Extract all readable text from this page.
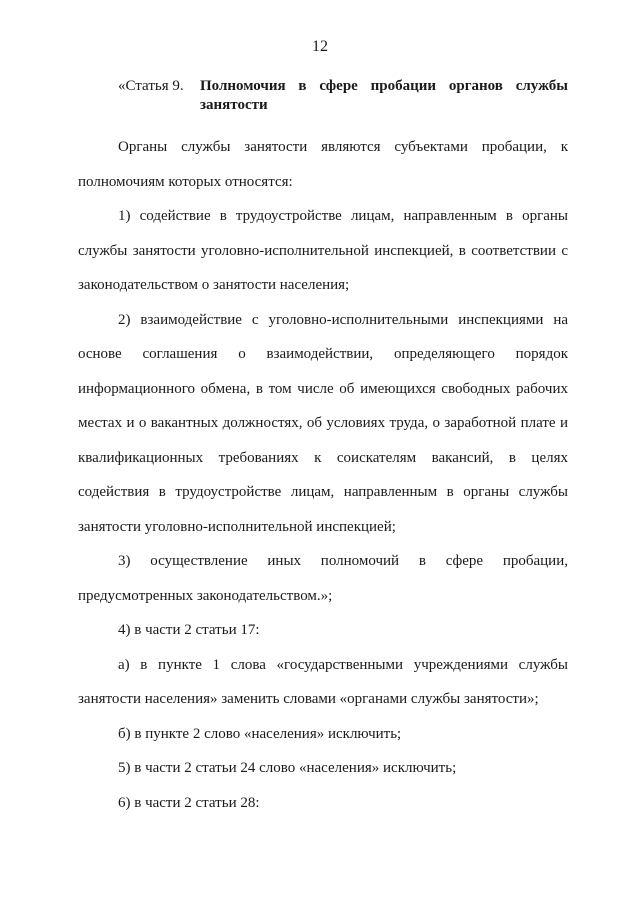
12
«Статья 9. Полномочия в сфере пробации органов службы занятости

Органы службы занятости являются субъектами пробации, к полномочиям которых относятся:

1) содействие в трудоустройстве лицам, направленным в органы службы занятости уголовно-исполнительной инспекцией, в соответствии с законодательством о занятости населения;

2) взаимодействие с уголовно-исполнительными инспекциями на основе соглашения о взаимодействии, определяющего порядок информационного обмена, в том числе об имеющихся свободных рабочих местах и о вакантных должностях, об условиях труда, о заработной плате и квалификационных требованиях к соискателям вакансий, в целях содействия в трудоустройстве лицам, направленным в органы службы занятости уголовно-исполнительной инспекцией;

3) осуществление иных полномочий в сфере пробации, предусмотренных законодательством.»;

4) в части 2 статьи 17:

а) в пункте 1 слова «государственными учреждениями службы занятости населения» заменить словами «органами службы занятости»;

б) в пункте 2 слово «населения» исключить;

5) в части 2 статьи 24 слово «населения» исключить;

6) в части 2 статьи 28:
